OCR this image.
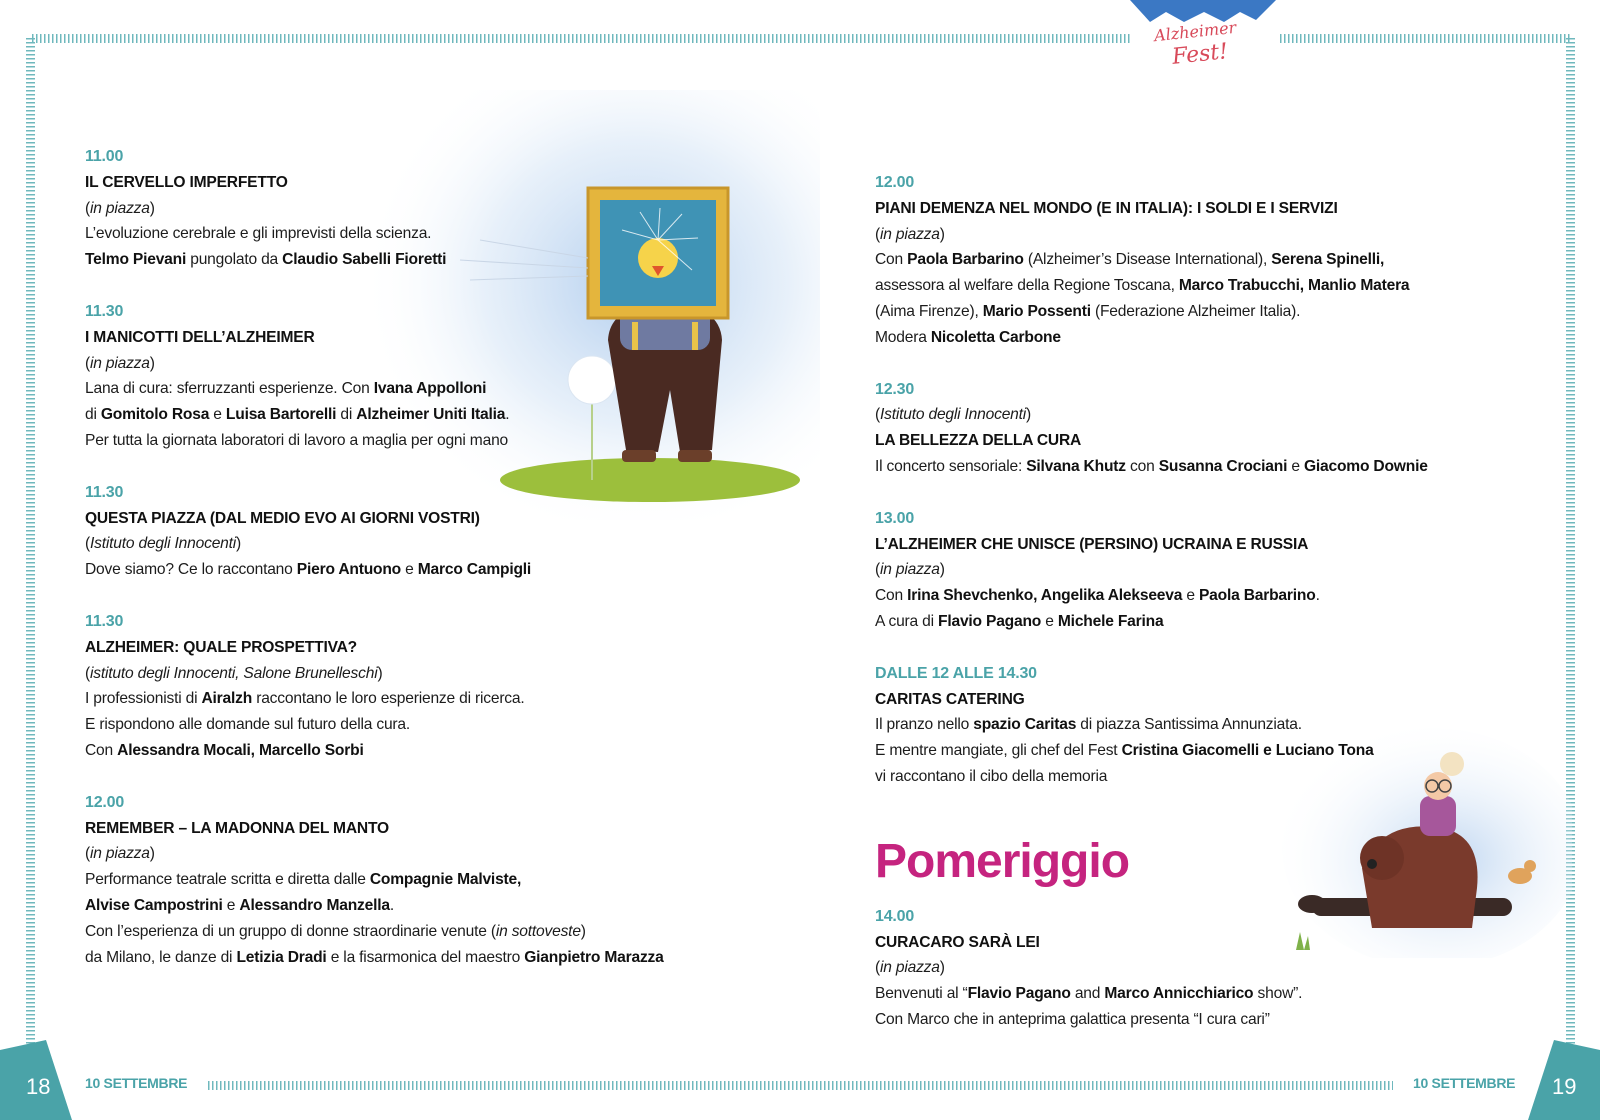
Alzheimer
Fest!
11.00
IL CERVELLO IMPERFETTO
(in piazza)
L’evoluzione cerebrale e gli imprevisti della scienza.
Telmo Pievani pungolato da Claudio Sabelli Fioretti
11.30
I MANICOTTI DELL’ALZHEIMER
(in piazza)
Lana di cura: sferruzzanti esperienze. Con Ivana Appolloni
di Gomitolo Rosa e Luisa Bartorelli di Alzheimer Uniti Italia.
Per tutta la giornata laboratori di lavoro a maglia per ogni mano
11.30
QUESTA PIAZZA (DAL MEDIO EVO AI GIORNI VOSTRI)
(Istituto degli Innocenti)
Dove siamo? Ce lo raccontano Piero Antuono e Marco Campigli
11.30
ALZHEIMER: QUALE PROSPETTIVA?
(istituto degli Innocenti, Salone Brunelleschi)
I professionisti di Airalzh raccontano le loro esperienze di ricerca.
E rispondono alle domande sul futuro della cura.
Con Alessandra Mocali, Marcello Sorbi
12.00
REMEMBER – LA MADONNA DEL MANTO
(in piazza)
Performance teatrale scritta e diretta dalle Compagnie Malviste,
Alvise Campostrini e Alessandro Manzella.
Con l’esperienza di un gruppo di donne straordinarie venute (in sottoveste)
da Milano, le danze di Letizia Dradi e la fisarmonica del maestro Gianpietro Marazza
12.00
PIANI DEMENZA NEL MONDO (E IN ITALIA): I SOLDI E I SERVIZI
(in piazza)
Con Paola Barbarino (Alzheimer’s Disease International), Serena Spinelli,
assessora al welfare della Regione Toscana, Marco Trabucchi, Manlio Matera
(Aima Firenze), Mario Possenti (Federazione Alzheimer Italia).
Modera Nicoletta Carbone
12.30
(Istituto degli Innocenti)
LA BELLEZZA DELLA CURA
Il concerto sensoriale: Silvana Khutz con Susanna Crociani e Giacomo Downie
13.00
L’ALZHEIMER CHE UNISCE (PERSINO) UCRAINA E RUSSIA
(in piazza)
Con Irina Shevchenko, Angelika Alekseeva e Paola Barbarino.
A cura di Flavio Pagano e Michele Farina
DALLE 12 ALLE 14.30
CARITAS CATERING
Il pranzo nello spazio Caritas di piazza Santissima Annunziata.
E mentre mangiate, gli chef del Fest Cristina Giacomelli e Luciano Tona
vi raccontano il cibo della memoria
Pomeriggio
14.00
CURACARO SARÀ LEI
(in piazza)
Benvenuti al “Flavio Pagano and Marco Annicchiarico show”.
Con Marco che in anteprima galattica presenta “I cura cari”
18 10 SETTEMBRE	10 SETTEMBRE 19
